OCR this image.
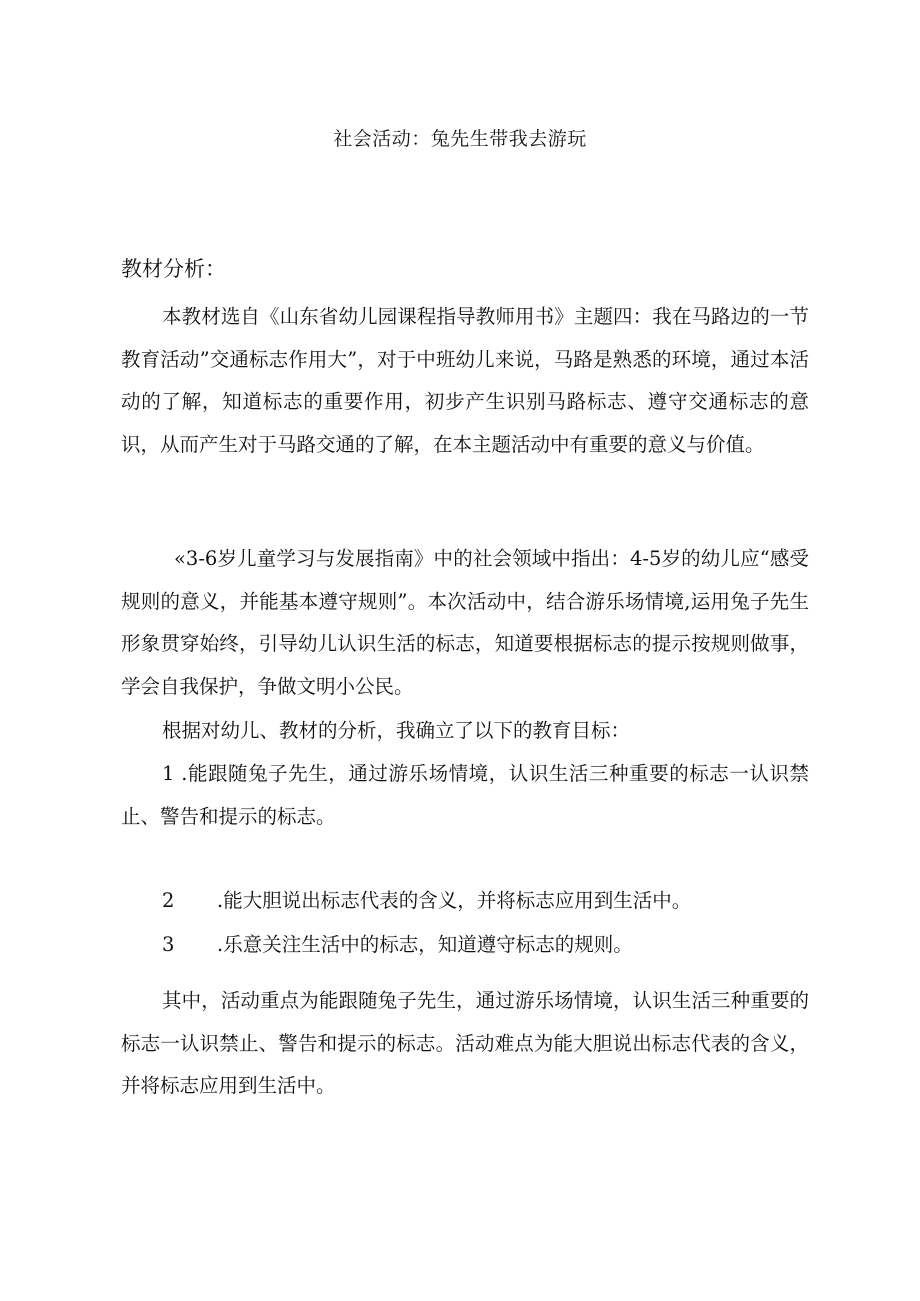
社会活动：兔先生带我去游玩
教材分析：

本教材选自《山东省幼儿园课程指导教师用书》主题四：我在马路边的一节教育活动”交通标志作用大”，对于中班幼儿来说，马路是熟悉的环境，通过本活动的了解，知道标志的重要作用，初步产生识别马路标志、遵守交通标志的意识，从而产生对于马路交通的了解，在本主题活动中有重要的意义与价值。

«3-6岁儿童学习与发展指南》中的社会领域中指出：4-5岁的幼儿应“感受规则的意义，并能基本遵守规则”。本次活动中，结合游乐场情境,运用兔子先生形象贯穿始终，引导幼儿认识生活的标志，知道要根据标志的提示按规则做事，学会自我保护，争做文明小公民。

根据对幼儿、教材的分析，我确立了以下的教育目标：

1 .能跟随兔子先生，通过游乐场情境，认识生活三种重要的标志一认识禁止、警告和提示的标志。

2 .能大胆说出标志代表的含义，并将标志应用到生活中。

3 .乐意关注生活中的标志，知道遵守标志的规则。

其中，活动重点为能跟随兔子先生，通过游乐场情境，认识生活三种重要的标志一认识禁止、警告和提示的标志。活动难点为能大胆说出标志代表的含义，并将标志应用到生活中。
